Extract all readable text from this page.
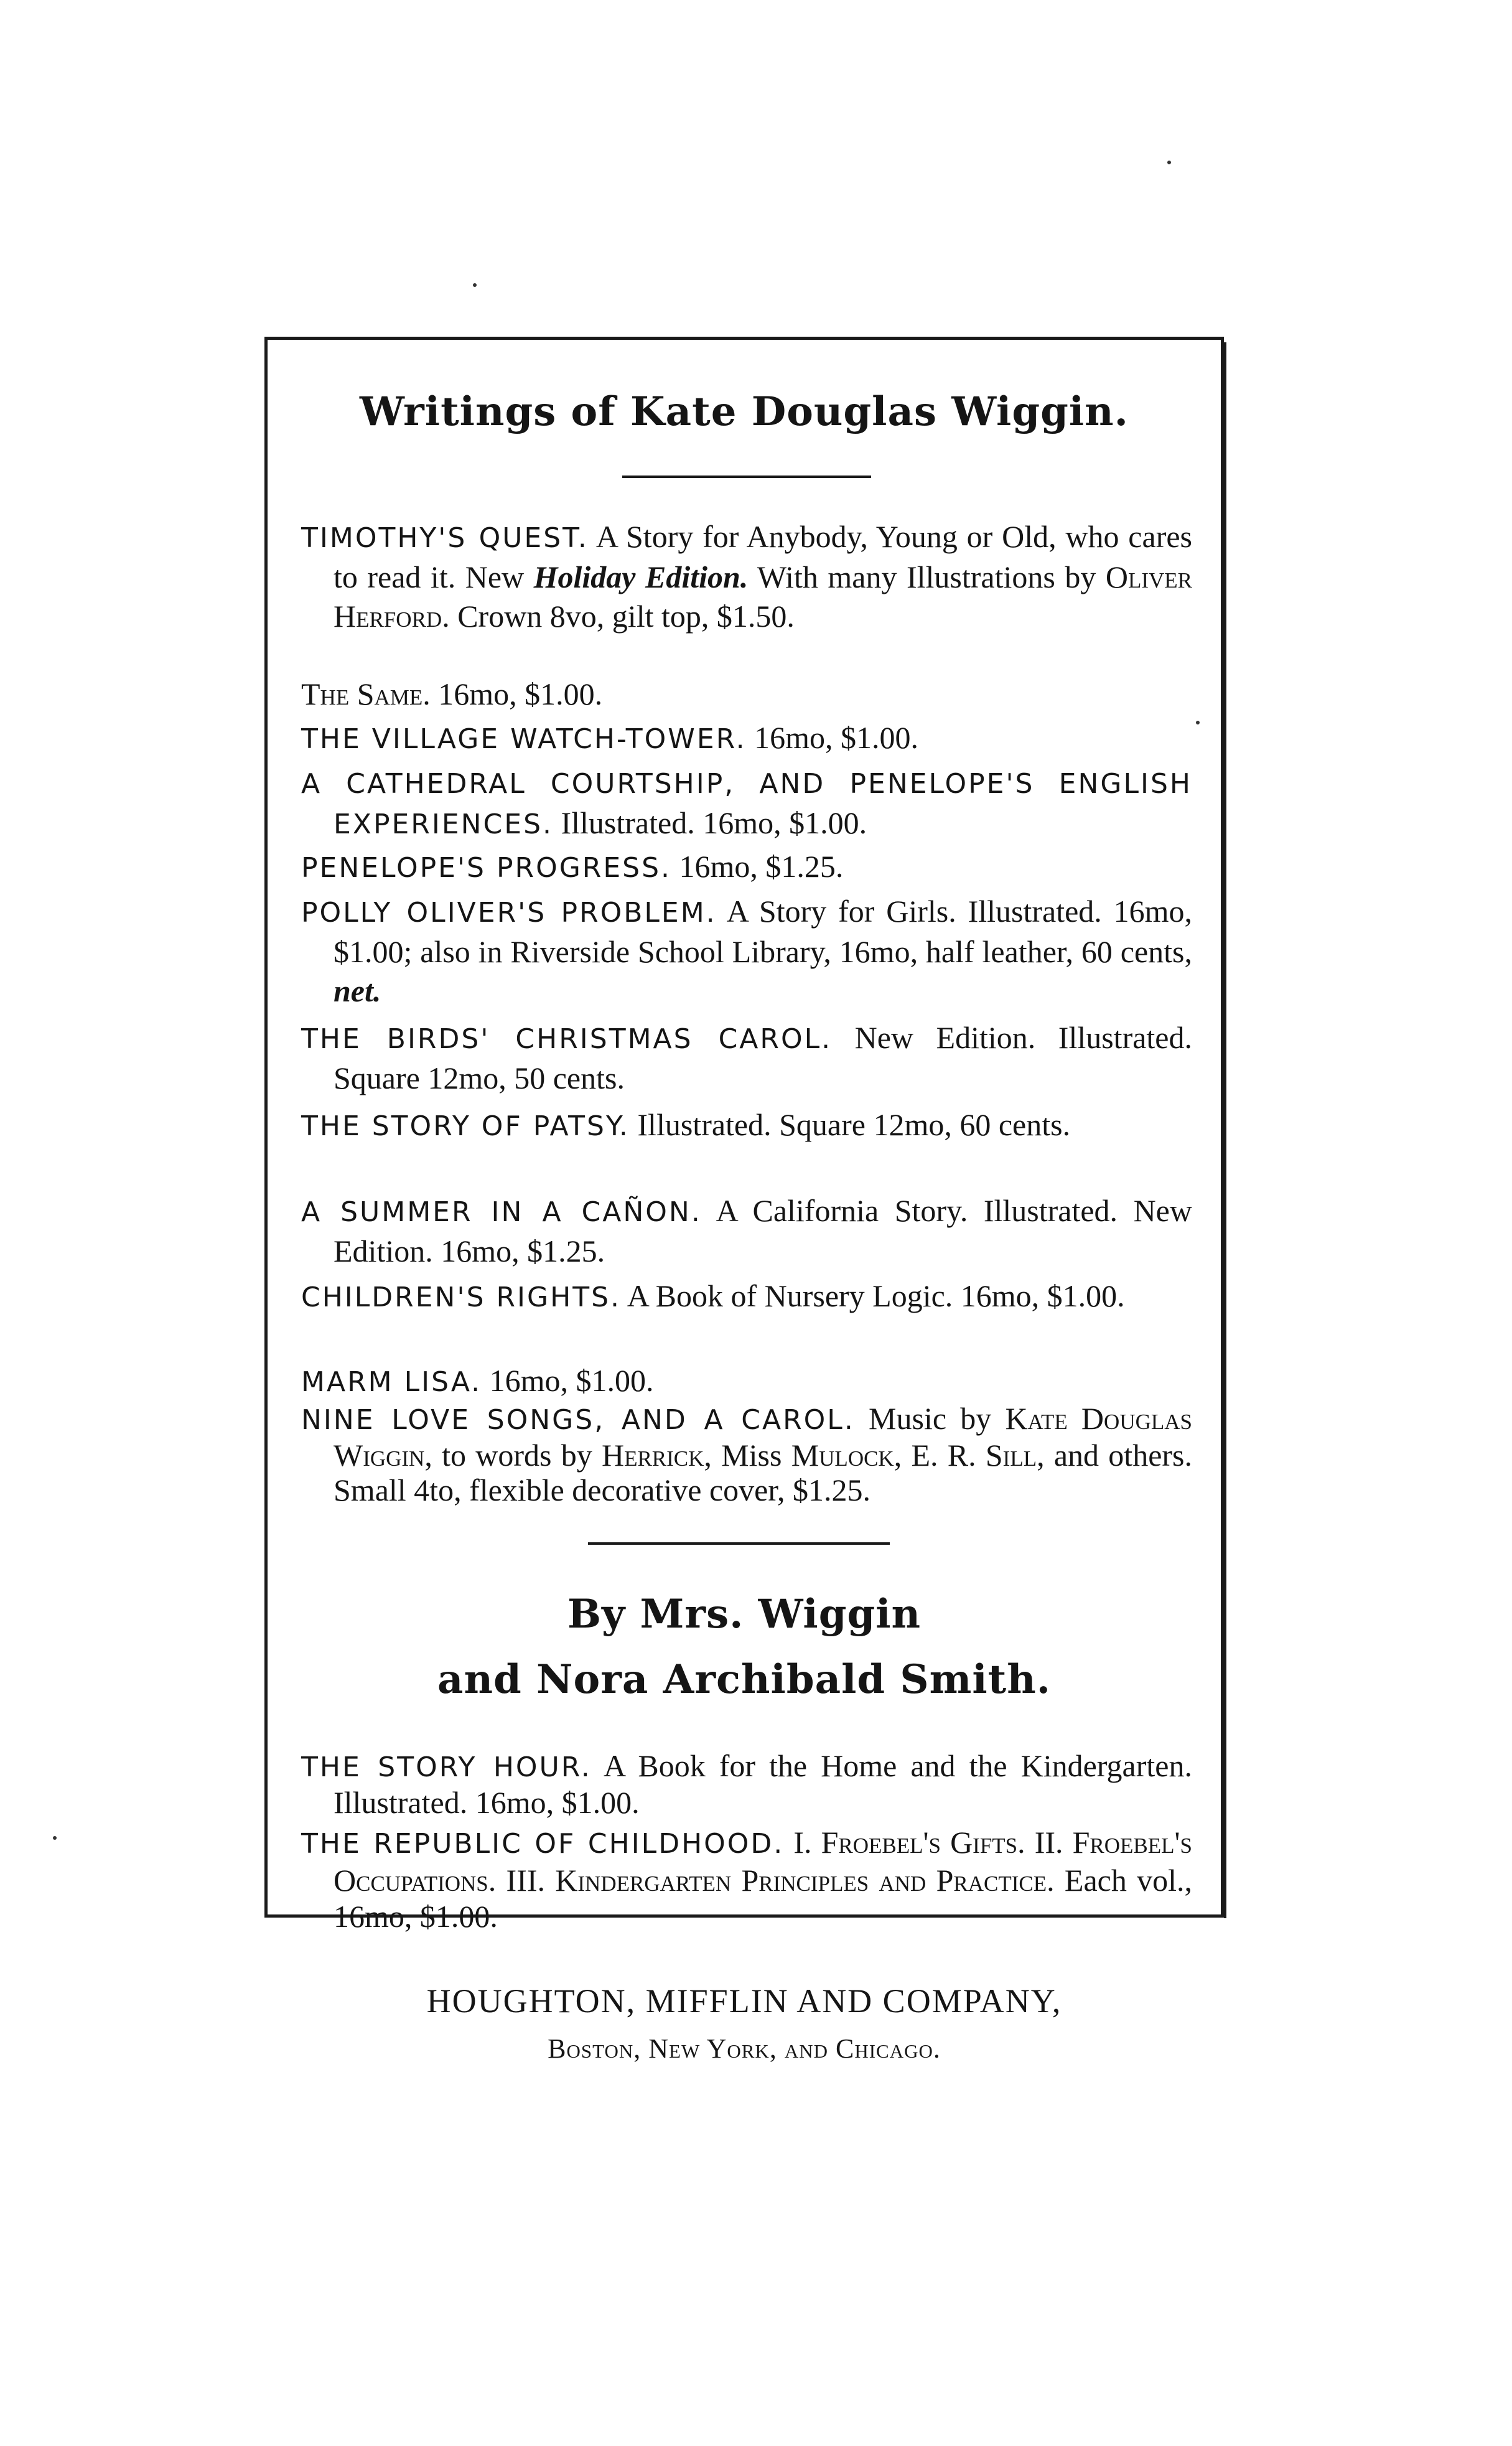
Writings of Kate Douglas Wiggin.
TIMOTHY'S QUEST. A Story for Anybody, Young or Old, who cares to read it. New Holiday Edition. With many Illustrations by Oliver Herford. Crown 8vo, gilt top, $1.50.
The Same. 16mo, $1.00.
THE VILLAGE WATCH-TOWER. 16mo, $1.00.
A CATHEDRAL COURTSHIP, AND PENELOPE'S ENGLISH EXPERIENCES. Illustrated. 16mo, $1.00.
PENELOPE'S PROGRESS. 16mo, $1.25.
POLLY OLIVER'S PROBLEM. A Story for Girls. Illustrated. 16mo, $1.00; also in Riverside School Library, 16mo, half leather, 60 cents, net.
THE BIRDS' CHRISTMAS CAROL. New Edition. Illustrated. Square 12mo, 50 cents.
THE STORY OF PATSY. Illustrated. Square 12mo, 60 cents.
A SUMMER IN A CAÑON. A California Story. Illustrated. New Edition. 16mo, $1.25.
CHILDREN'S RIGHTS. A Book of Nursery Logic. 16mo, $1.00.
MARM LISA. 16mo, $1.00.
NINE LOVE SONGS, AND A CAROL. Music by Kate Douglas Wiggin, to words by Herrick, Miss Mulock, E. R. Sill, and others. Small 4to, flexible decorative cover, $1.25.
By Mrs. Wiggin
and Nora Archibald Smith.
THE STORY HOUR. A Book for the Home and the Kindergarten. Illustrated. 16mo, $1.00.
THE REPUBLIC OF CHILDHOOD. I. Froebel's Gifts. II. Froebel's Occupations. III. Kindergarten Principles and Practice. Each vol., 16mo, $1.00.
HOUGHTON, MIFFLIN AND COMPANY,
Boston, New York, and Chicago.
